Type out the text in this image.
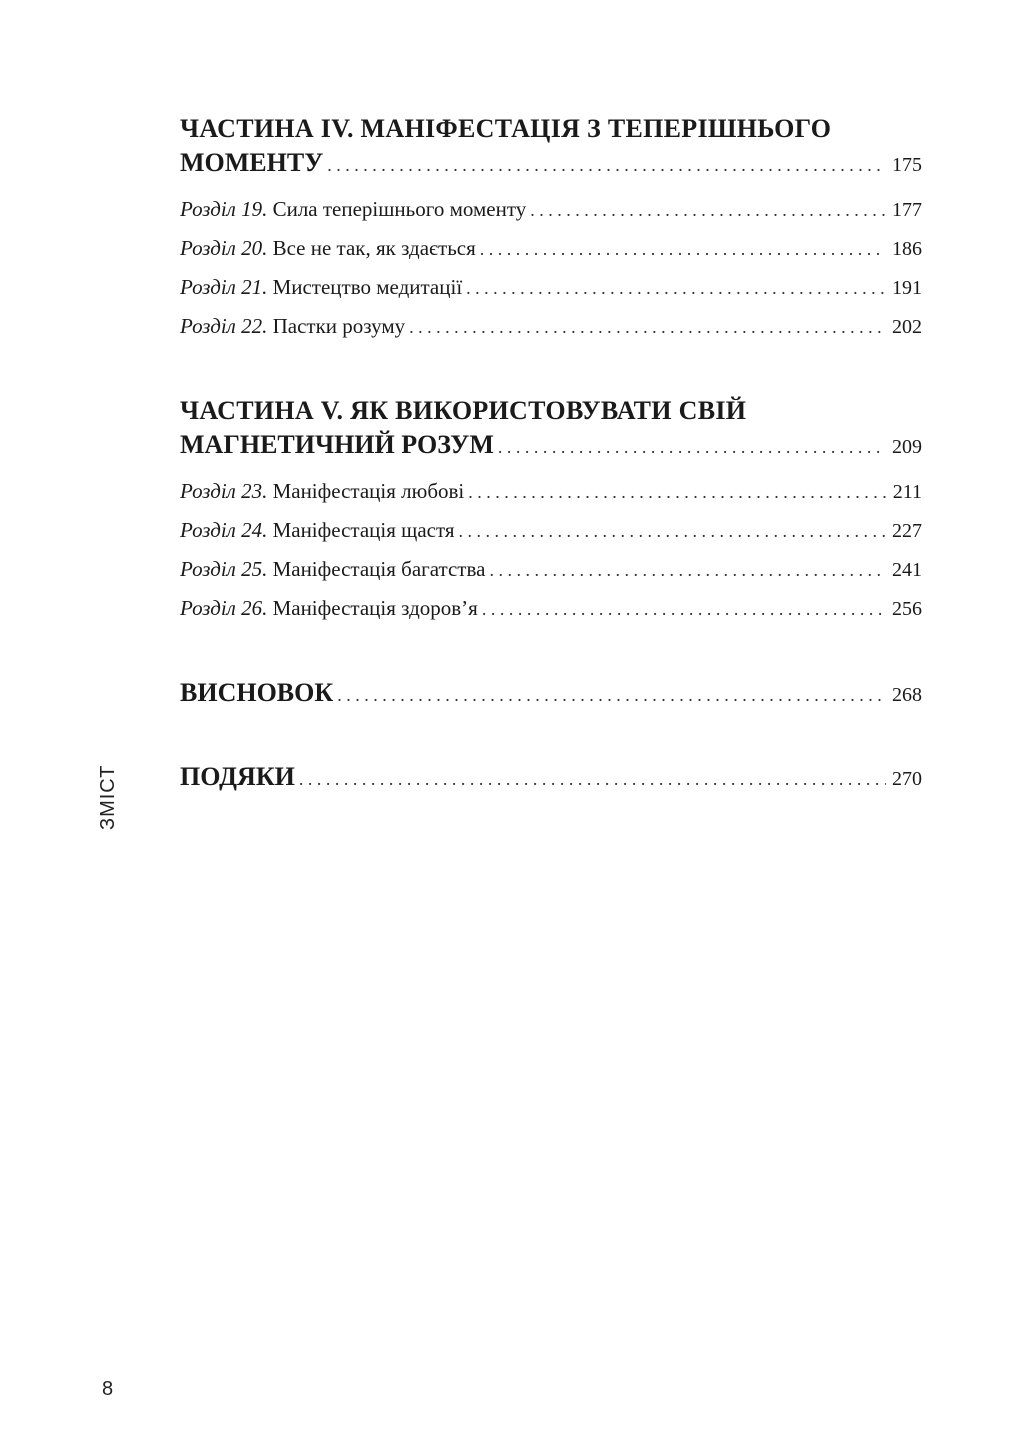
ЧАСТИНА IV. МАНІФЕСТАЦІЯ З ТЕПЕРІШНЬОГО
МОМЕНТУ . . .	175
Розділ 19. Сила теперішнього моменту . . .	177
Розділ 20. Все не так, як здається . . .	186
Розділ 21. Мистецтво медитації . . .	191
Розділ 22. Пастки розуму . . .	202
ЧАСТИНА V. ЯК ВИКОРИСТОВУВАТИ СВІЙ
МАГНЕТИЧНИЙ РОЗУМ . . .	209
Розділ 23. Маніфестація любові . . .	211
Розділ 24. Маніфестація щастя . . .	227
Розділ 25. Маніфестація багатства . . .	241
Розділ 26. Маніфестація здоров’я . . .	256
ВИСНОВОК . . .	268
ПОДЯКИ . . .	270
ЗМІСТ
8
